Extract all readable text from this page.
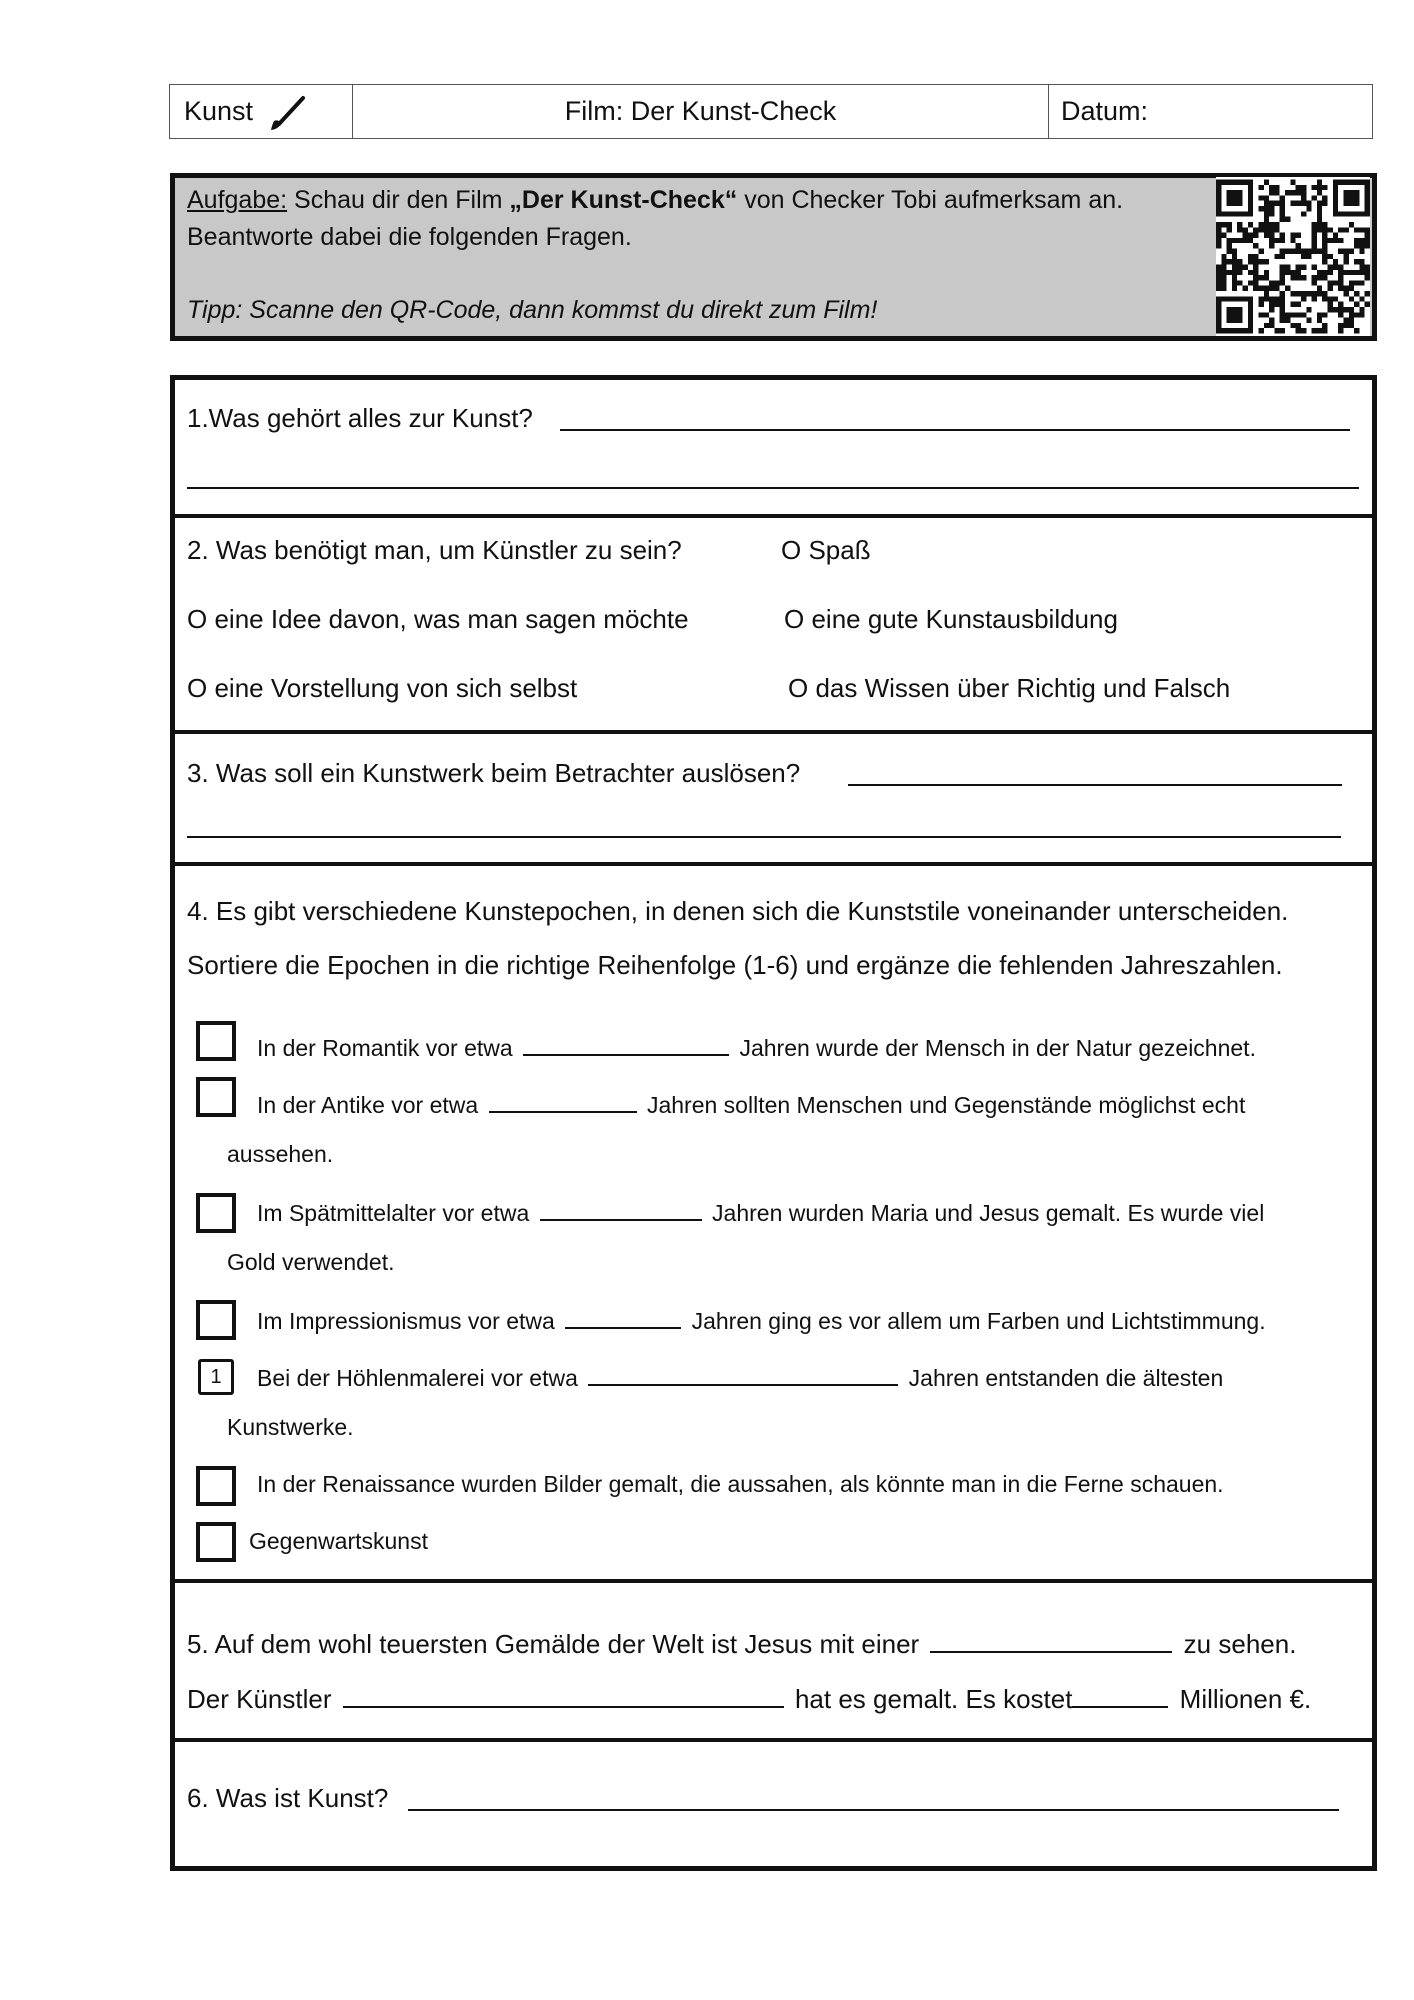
Kunst	Film: Der Kunst-Check	Datum:
Aufgabe: Schau dir den Film „Der Kunst-Check“ von Checker Tobi aufmerksam an.
Beantworte dabei die folgenden Fragen.
Tipp: Scanne den QR-Code, dann kommst du direkt zum Film!
1.Was gehört alles zur Kunst?
2. Was benötigt man, um Künstler zu sein?	O Spaß
O eine Idee davon, was man sagen möchte	O eine gute Kunstausbildung
O eine Vorstellung von sich selbst	O das Wissen über Richtig und Falsch
3. Was soll ein Kunstwerk beim Betrachter auslösen?
4. Es gibt verschiedene Kunstepochen, in denen sich die Kunststile voneinander unterscheiden.
Sortiere die Epochen in die richtige Reihenfolge (1-6) und ergänze die fehlenden Jahreszahlen.
In der Romantik vor etwa	Jahren wurde der Mensch in der Natur gezeichnet.
In der Antike vor etwa	Jahren sollten Menschen und Gegenstände möglichst echt
aussehen.
Im Spätmittelalter vor etwa	Jahren wurden Maria und Jesus gemalt. Es wurde viel
Gold verwendet.
Im Impressionismus vor etwa	Jahren ging es vor allem um Farben und Lichtstimmung.
1	Bei der Höhlenmalerei vor etwa	Jahren entstanden die ältesten
Kunstwerke.
In der Renaissance wurden Bilder gemalt, die aussahen, als könnte man in die Ferne schauen.
Gegenwartskunst
5. Auf dem wohl teuersten Gemälde der Welt ist Jesus mit einer	zu sehen.
Der Künstler	hat es gemalt. Es kostet	Millionen €.
6. Was ist Kunst?
